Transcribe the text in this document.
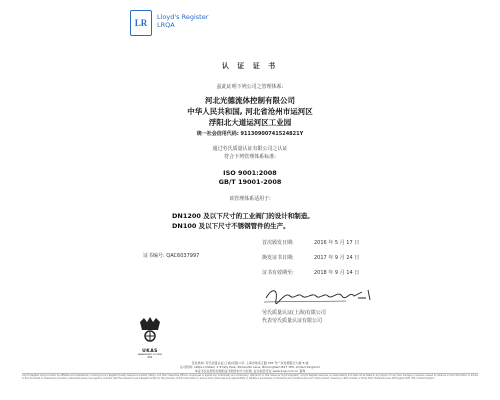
LR
Lloyd's Register
LRQA
认 证 证 书
兹此证明下列公司之管理体系:
河北光德流体控制有限公司
中华人民共和国, 河北省沧州市运河区
浮阳北大道运河区工业园
统一社会信用代码: 91130900741524821Y
通过劳氏质量认证有限公司之认证
符合下列管理体系标准:
ISO 9001:2008
GB/T 19001-2008
该管理体系适用于:
DN1200 及以下尺寸的工业阀门的设计和制造。
DN100 及以下尺寸不锈钢管件的生产。
首次颁发日期:	2016 年 5 月 17 日
换发证书日期:	2017 年 9 月 24 日
证书有效期至:	2018 年 9 月 14 日
证书编号: QAC6037997
劳氏质量认证(上海)有限公司
代表劳氏质量认证有限公司
UKAS
MANAGEMENT SYSTEMS
001
签发机构: 劳氏质量认证(上海)有限公司, 上海市徐家汇路 555 号广东发展银行大厦 8 楼
认可机构: LRQA Limited, 1 Trinity Park, Bickenhill Lane, Birmingham B37 7ES, United Kingdom
本证书仅在附有有效的证书附件时方为有效, 证书信息可在 www.lrqa.com.cn 查询
Lloyd's Register Group Limited, its affiliates and subsidiaries, including Lloyd's Register Quality Assurance Limited (LRQA), and their respective officers, employees or agents are, individually and collectively, referred to in this clause as 'Lloyd's Register'. Lloyd's Register assumes no responsibility and shall not be liable to any person for any loss, damage or expense caused by reliance on the information or advice in this document or howsoever provided, unless that person has signed a contract with the relevant Lloyd's Register entity for the provision of this information or advice and in that case any responsibility or liability is exclusively on the terms and conditions set out in that contract. Issued by: LRQA Limited, 1 Trinity Park, Bickenhill Lane, Birmingham B37 7ES, United Kingdom
